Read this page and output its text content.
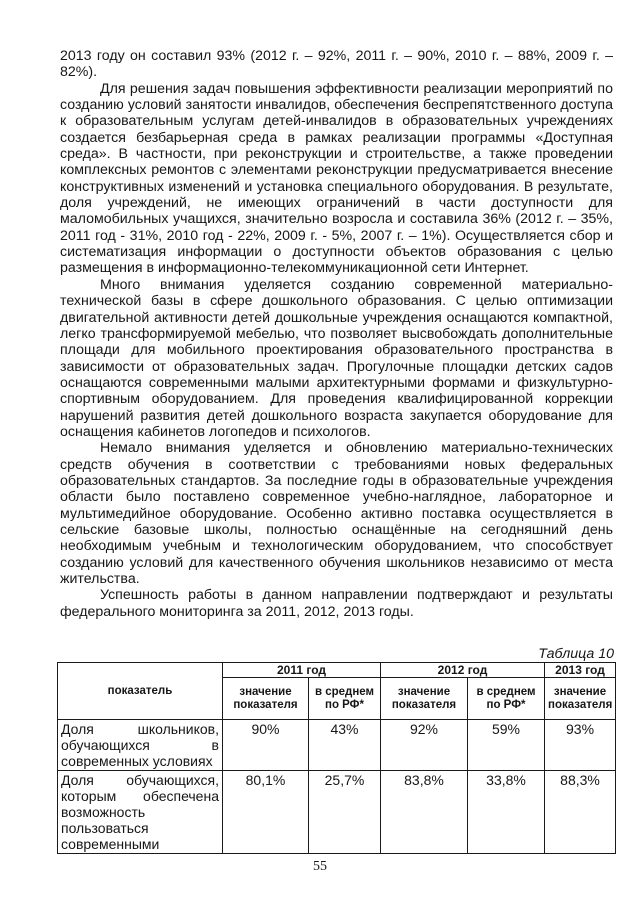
2013 году он составил 93% (2012 г. – 92%, 2011 г. – 90%, 2010 г. – 88%, 2009 г. – 82%).

Для решения задач повышения эффективности реализации мероприятий по созданию условий занятости инвалидов, обеспечения беспрепятственного доступа к образовательным услугам детей-инвалидов в образовательных учреждениях создается безбарьерная среда в рамках реализации программы «Доступная среда». В частности, при реконструкции и строительстве, а также проведении комплексных ремонтов с элементами реконструкции предусматривается внесение конструктивных изменений и установка специального оборудования. В результате, доля учреждений, не имеющих ограничений в части доступности для маломобильных учащихся, значительно возросла и составила 36% (2012 г. – 35%, 2011 год - 31%, 2010 год - 22%, 2009 г. - 5%, 2007 г. – 1%). Осуществляется сбор и систематизация информации о доступности объектов образования с целью размещения в информационно-телекоммуникационной сети Интернет.

Много внимания уделяется созданию современной материально-технической базы в сфере дошкольного образования. С целью оптимизации двигательной активности детей дошкольные учреждения оснащаются компактной, легко трансформируемой мебелью, что позволяет высвобождать дополнительные площади для мобильного проектирования образовательного пространства в зависимости от образовательных задач. Прогулочные площадки детских садов оснащаются современными малыми архитектурными формами и физкультурно-спортивным оборудованием. Для проведения квалифицированной коррекции нарушений развития детей дошкольного возраста закупается оборудование для оснащения кабинетов логопедов и психологов.

Немало внимания уделяется и обновлению материально-технических средств обучения в соответствии с требованиями новых федеральных образовательных стандартов. За последние годы в образовательные учреждения области было поставлено современное учебно-наглядное, лабораторное и мультимедийное оборудование. Особенно активно поставка осуществляется в сельские базовые школы, полностью оснащённые на сегодняшний день необходимым учебным и технологическим оборудованием, что способствует созданию условий для качественного обучения школьников независимо от места жительства.

Успешность работы в данном направлении подтверждают и результаты федерального мониторинга за 2011, 2012, 2013 годы.

Таблица 10
показатель	2011 год		2012 год		2013 год
	значение показателя	в среднем по РФ*	значение показателя	в среднем по РФ*	значение показателя
Доля школьников, обучающихся в современных условиях	90%	43%	92%	59%	93%
Доля обучающихся, которым обеспечена возможность пользоваться современными	80,1%	25,7%	83,8%	33,8%	88,3%
55
